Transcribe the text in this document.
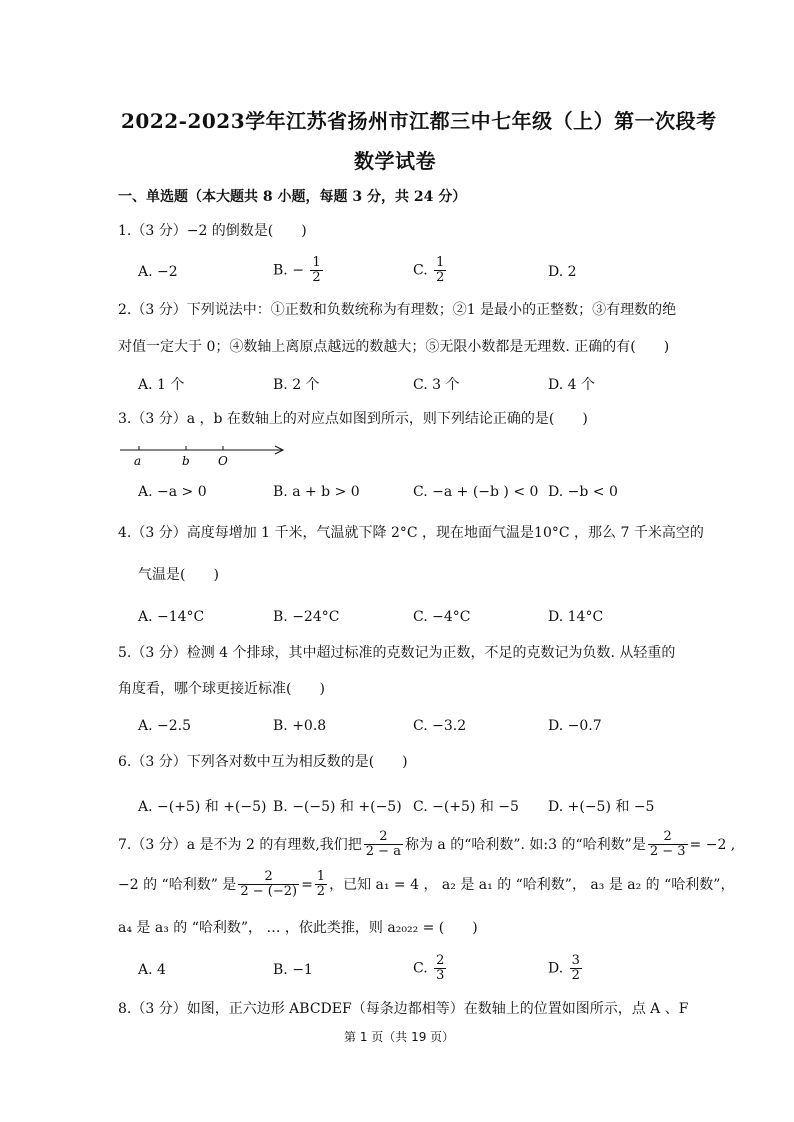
2022-2023学年江苏省扬州市江都三中七年级（上）第一次段考
数学试卷
一、单选题（本大题共 8 小题，每题 3 分，共 24 分）
1.（3 分）−2 的倒数是(　　)
A. −2	B. − $\frac{1}{2}$	C. $\frac{1}{2}$	D. 2
2.（3 分）下列说法中：①正数和负数统称为有理数；②1 是最小的正整数；③有理数的绝
对值一定大于 0；④数轴上离原点越远的数越大；⑤无限小数都是无理数. 正确的有(　　)
A. 1 个	B. 2 个	C. 3 个	D. 4 个
3.（3 分）a ，b 在数轴上的对应点如图到所示，则下列结论正确的是(　　)
a	b O
A. −a > 0	B. a + b > 0	C. −a + (−b ) < 0 D. −b < 0
4.（3 分）高度每增加 1 千米，气温就下降 2°C ，现在地面气温是10°C ，那么 7 千米高空的
气温是(　　)
A. −14°C	B. −24°C	C. −4°C	D. 14°C
5.（3 分）检测 4 个排球，其中超过标准的克数记为正数，不足的克数记为负数. 从轻重的
角度看，哪个球更接近标准(　　)
A. −2.5	B. +0.8	C. −3.2	D. −0.7
6.（3 分）下列各对数中互为相反数的是(　　)
A. −(+5) 和 +(−5) B. −(−5) 和 +(−5) C. −(+5) 和 −5 D. +(−5) 和 −5
7.（3 分）a 是不为 2 的有理数,我们把 $\frac{2}{2 - a}$ 称为 a 的“哈利数”. 如:3 的“哈利数”是 $\frac{2}{2 - 3} = -2$ ,
−2 的 “哈利数” 是 $\frac{2}{2 - (-2)} = \frac{1}{2}$ ，已知 a₁ = 4 ， a₂ 是 a₁ 的 “哈利数”， a₃ 是 a₂ 的 “哈利数”，
a₄ 是 a₃ 的 “哈利数”， … ，依此类推，则 a₂₀₂₂ = (　　)
A. 4	B. −1	C. $\frac{2}{3}$	D. $\frac{3}{2}$
8.（3 分）如图，正六边形 ABCDEF（每条边都相等）在数轴上的位置如图所示，点 A 、F
第 1 页（共 19 页）
